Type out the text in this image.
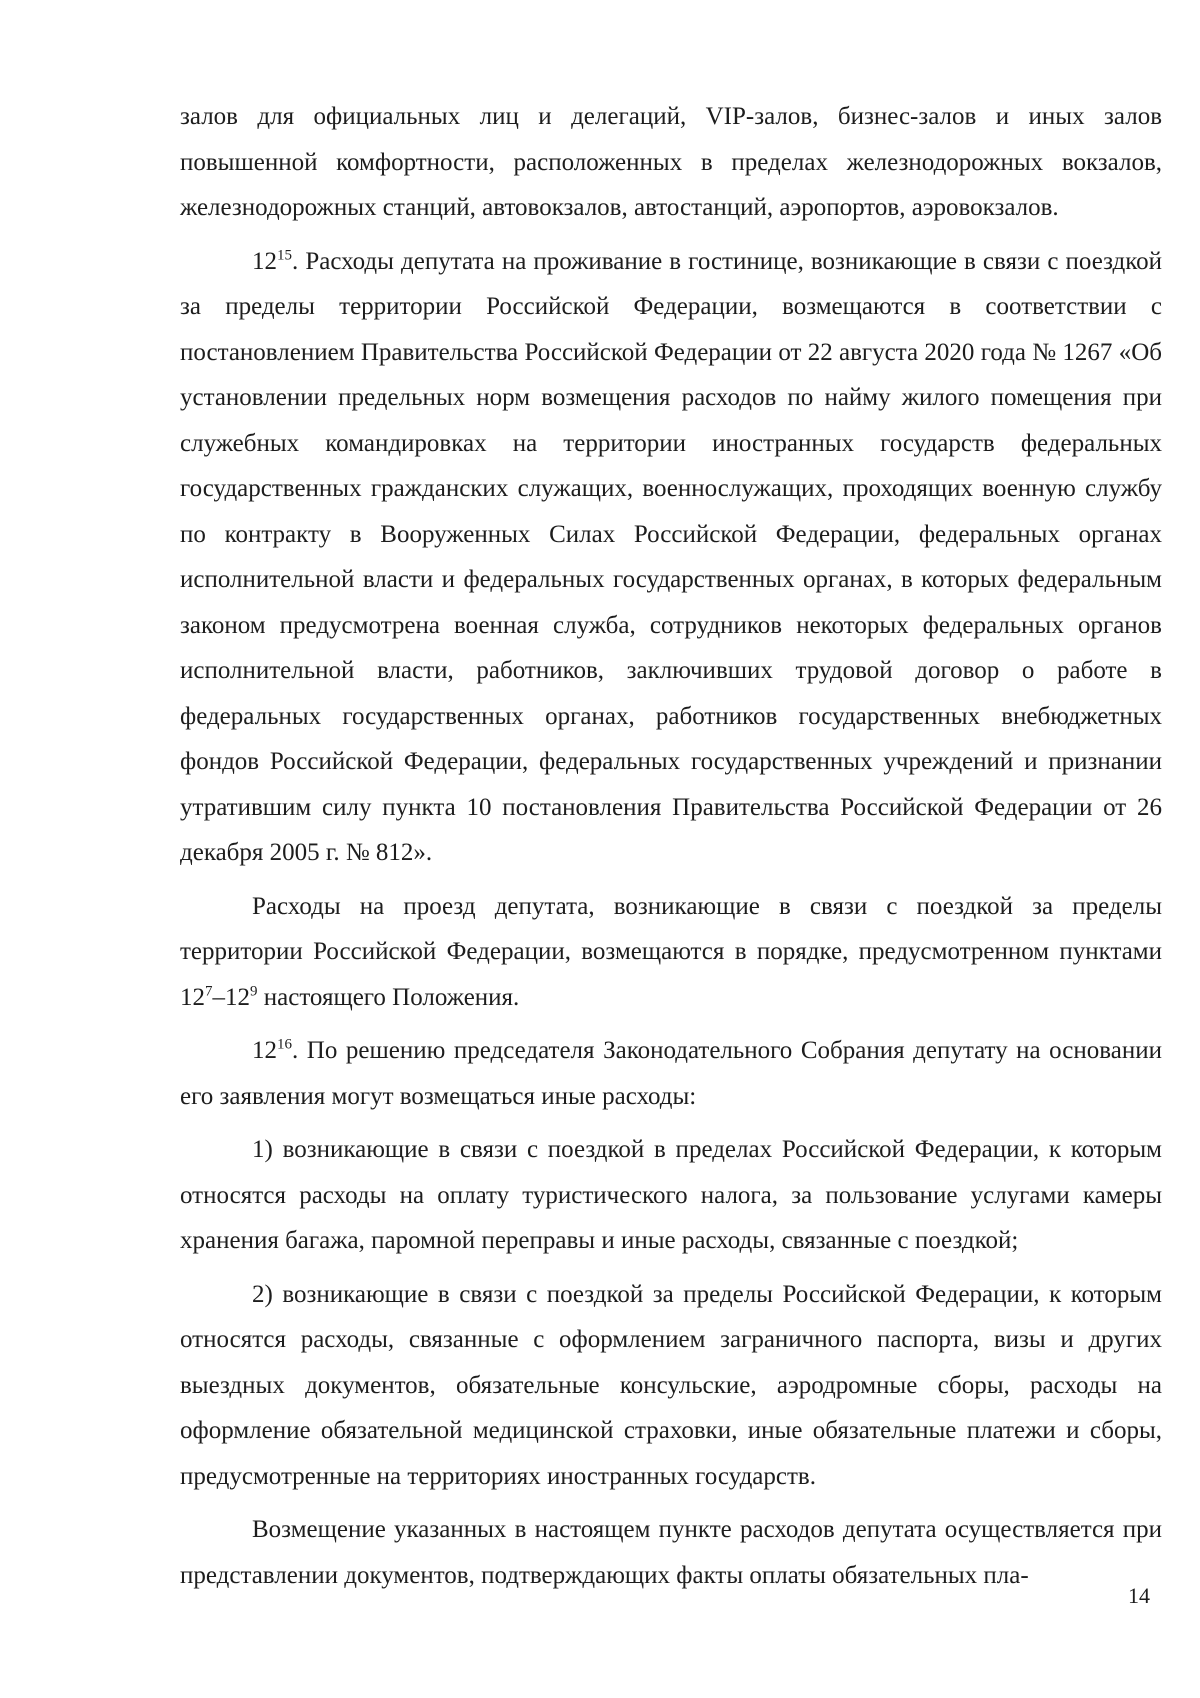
залов для официальных лиц и делегаций, VIP-залов, бизнес-залов и иных залов повышенной комфортности, расположенных в пределах железнодорожных вокзалов, железнодорожных станций, автовокзалов, автостанций, аэропортов, аэровокзалов.

$12^{15}$. Расходы депутата на проживание в гостинице, возникающие в связи с поездкой за пределы территории Российской Федерации, возмещаются в соответствии с постановлением Правительства Российской Федерации от 22 августа 2020 года № 1267 «Об установлении предельных норм возмещения расходов по найму жилого помещения при служебных командировках на территории иностранных государств федеральных государственных гражданских служащих, военнослужащих, проходящих военную службу по контракту в Вооруженных Силах Российской Федерации, федеральных органах исполнительной власти и федеральных государственных органах, в которых федеральным законом предусмотрена военная служба, сотрудников некоторых федеральных органов исполнительной власти, работников, заключивших трудовой договор о работе в федеральных государственных органах, работников государственных внебюджетных фондов Российской Федерации, федеральных государственных учреждений и признании утратившим силу пункта 10 постановления Правительства Российской Федерации от 26 декабря 2005 г. № 812».

Расходы на проезд депутата, возникающие в связи с поездкой за пределы территории Российской Федерации, возмещаются в порядке, предусмотренном пунктами $12^7-12^9$ настоящего Положения.

$12^{16}$. По решению председателя Законодательного Собрания депутату на основании его заявления могут возмещаться иные расходы:

1) возникающие в связи с поездкой в пределах Российской Федерации, к которым относятся расходы на оплату туристического налога, за пользование услугами камеры хранения багажа, паромной переправы и иные расходы, связанные с поездкой;

2) возникающие в связи с поездкой за пределы Российской Федерации, к которым относятся расходы, связанные с оформлением заграничного паспорта, визы и других выездных документов, обязательные консульские, аэродромные сборы, расходы на оформление обязательной медицинской страховки, иные обязательные платежи и сборы, предусмотренные на территориях иностранных государств.

Возмещение указанных в настоящем пункте расходов депутата осуществляется при представлении документов, подтверждающих факты оплаты обязательных пла-

14
